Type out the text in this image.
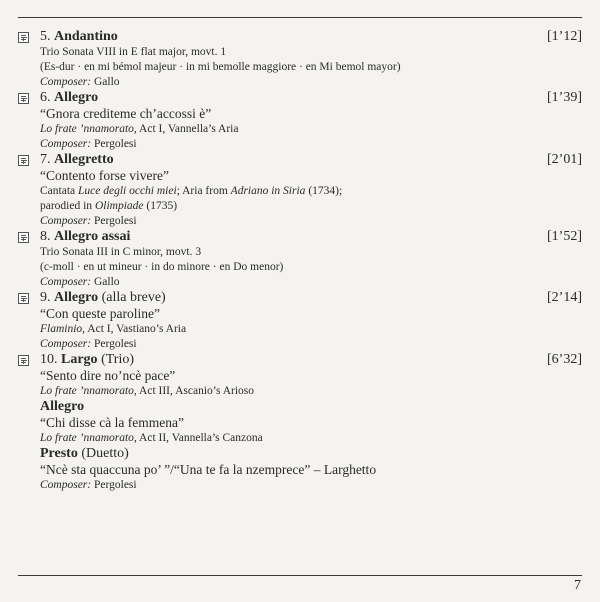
5. Andantino	[1’12]
Trio Sonata VIII in E flat major, movt. 1
(Es-dur · en mi bémol majeur · in mi bemolle maggiore · en Mi bemol mayor)
Composer: Gallo
6. Allegro	[1’39]
“Gnora crediteme ch’accossi è”
Lo frate ’nnamorato, Act I, Vannella’s Aria
Composer: Pergolesi
7. Allegretto	[2’01]
“Contento forse vivere”
Cantata Luce degli occhi miei; Aria from Adriano in Siria (1734);
parodied in Olimpiade (1735)
Composer: Pergolesi
8. Allegro assai	[1’52]
Trio Sonata III in C minor, movt. 3
(c-moll · en ut mineur · in do minore · en Do menor)
Composer: Gallo
9. Allegro (alla breve)	[2’14]
“Con queste paroline”
Flaminio, Act I, Vastiano’s Aria
Composer: Pergolesi
10. Largo (Trio)	[6’32]
“Sento dire no’ncè pace”
Lo frate ’nnamorato, Act III, Ascanio’s Arioso
Allegro
“Chi disse cà la femmena”
Lo frate ’nnamorato, Act II, Vannella’s Canzona
Presto (Duetto)
“Ncè sta quaccuna po’ ”/“Una te fa la nzemprece” – Larghetto
Composer: Pergolesi
7
